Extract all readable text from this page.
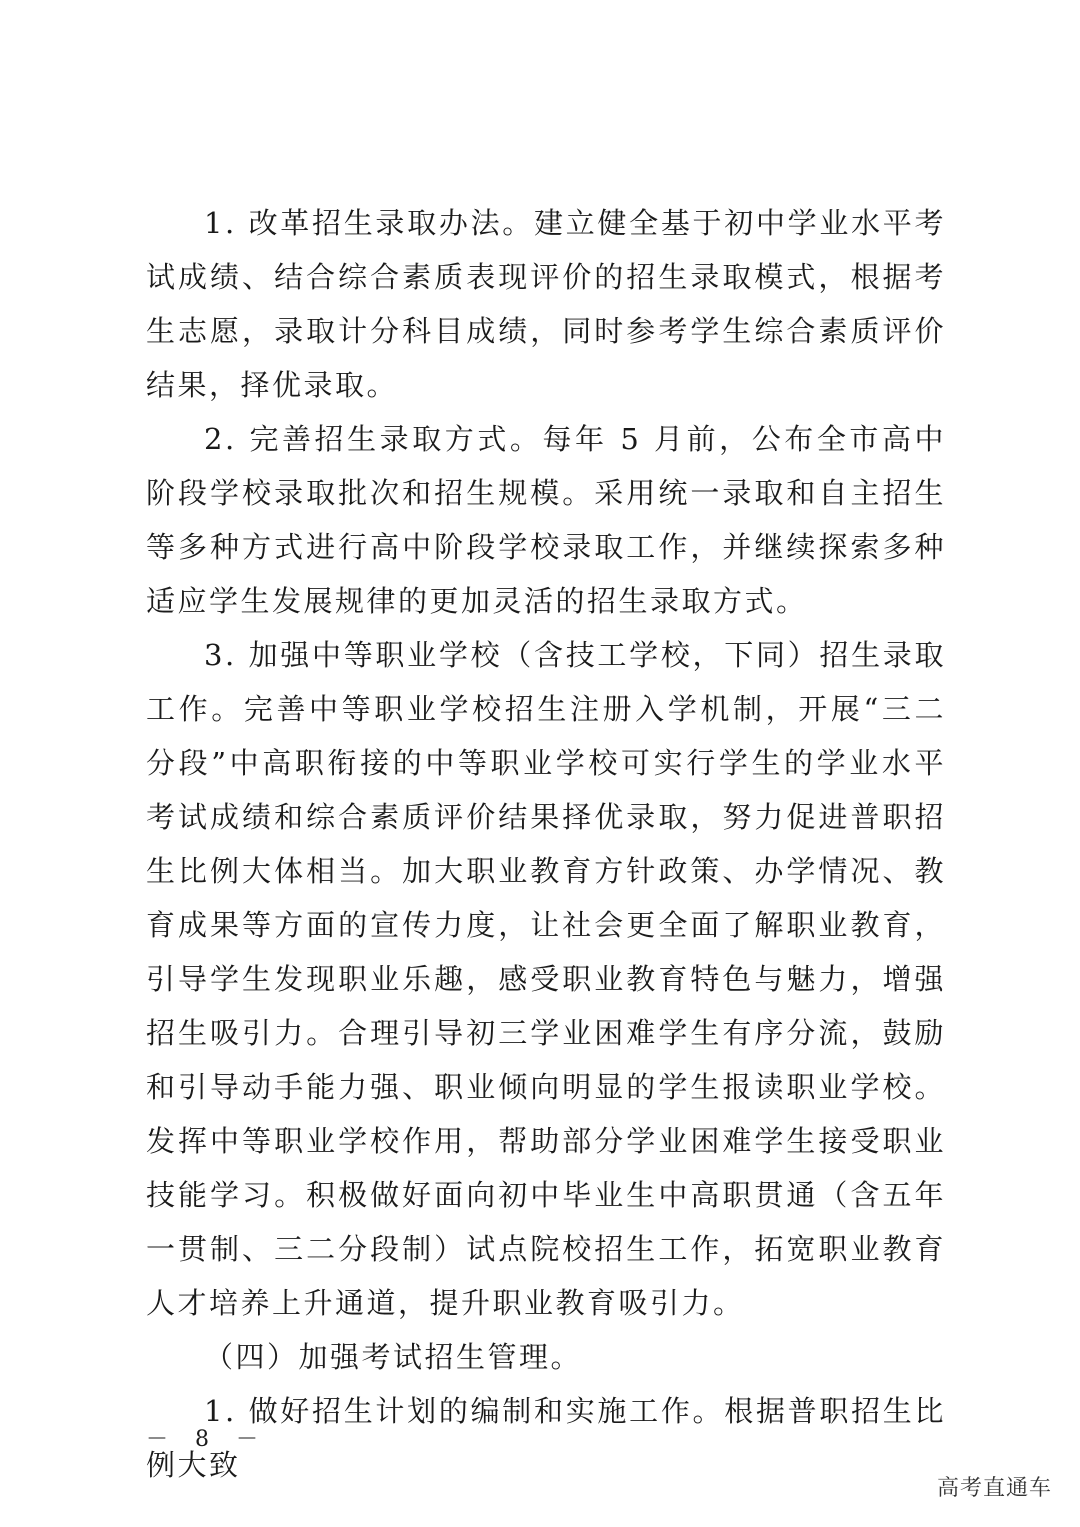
1. 改革招生录取办法。建立健全基于初中学业水平考试成绩、结合综合素质表现评价的招生录取模式，根据考生志愿，录取计分科目成绩，同时参考学生综合素质评价结果，择优录取。

2. 完善招生录取方式。每年 5 月前，公布全市高中阶段学校录取批次和招生规模。采用统一录取和自主招生等多种方式进行高中阶段学校录取工作，并继续探索多种适应学生发展规律的更加灵活的招生录取方式。

3. 加强中等职业学校（含技工学校，下同）招生录取工作。完善中等职业学校招生注册入学机制，开展“三二分段”中高职衔接的中等职业学校可实行学生的学业水平考试成绩和综合素质评价结果择优录取，努力促进普职招生比例大体相当。加大职业教育方针政策、办学情况、教育成果等方面的宣传力度，让社会更全面了解职业教育，引导学生发现职业乐趣，感受职业教育特色与魅力，增强招生吸引力。合理引导初三学业困难学生有序分流，鼓励和引导动手能力强、职业倾向明显的学生报读职业学校。发挥中等职业学校作用，帮助部分学业困难学生接受职业技能学习。积极做好面向初中毕业生中高职贯通（含五年一贯制、三二分段制）试点院校招生工作，拓宽职业教育人才培养上升通道，提升职业教育吸引力。

（四）加强考试招生管理。

1. 做好招生计划的编制和实施工作。根据普职招生比例大致

－ 8 －
高考直通车
